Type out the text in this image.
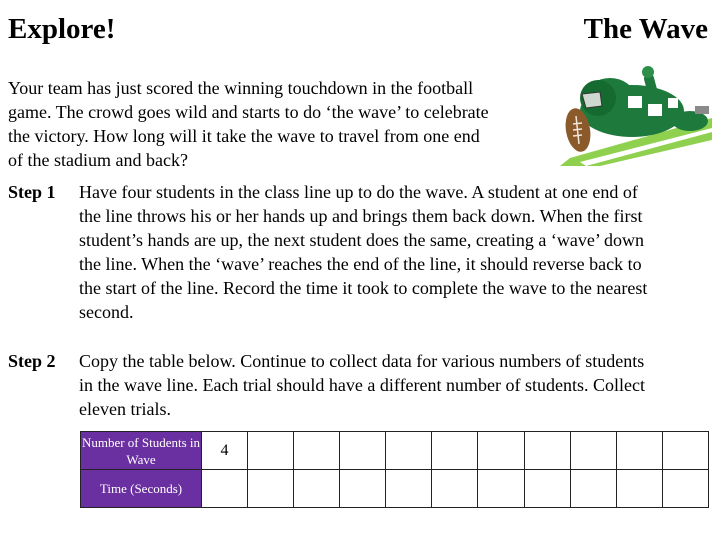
Explore!	The Wave
Your team has just scored the winning touchdown in the football
game. The crowd goes wild and starts to do ‘the wave’ to celebrate
the victory. How long will it take the wave to travel from one end
of the stadium and back?
Step 1 Have four students in the class line up to do the wave. A student at one end of
the line throws his or her hands up and brings them back down. When the first
student’s hands are up, the next student does the same, creating a ‘wave’ down
the line. When the ‘wave’ reaches the end of the line, it should reverse back to
the start of the line. Record the time it took to complete the wave to the nearest
second.
Step 2 Copy the table below. Continue to collect data for various numbers of students
in the wave line. Each trial should have a different number of students. Collect
eleven trials.
Number of Students in Wave	4										
Time (Seconds)											
